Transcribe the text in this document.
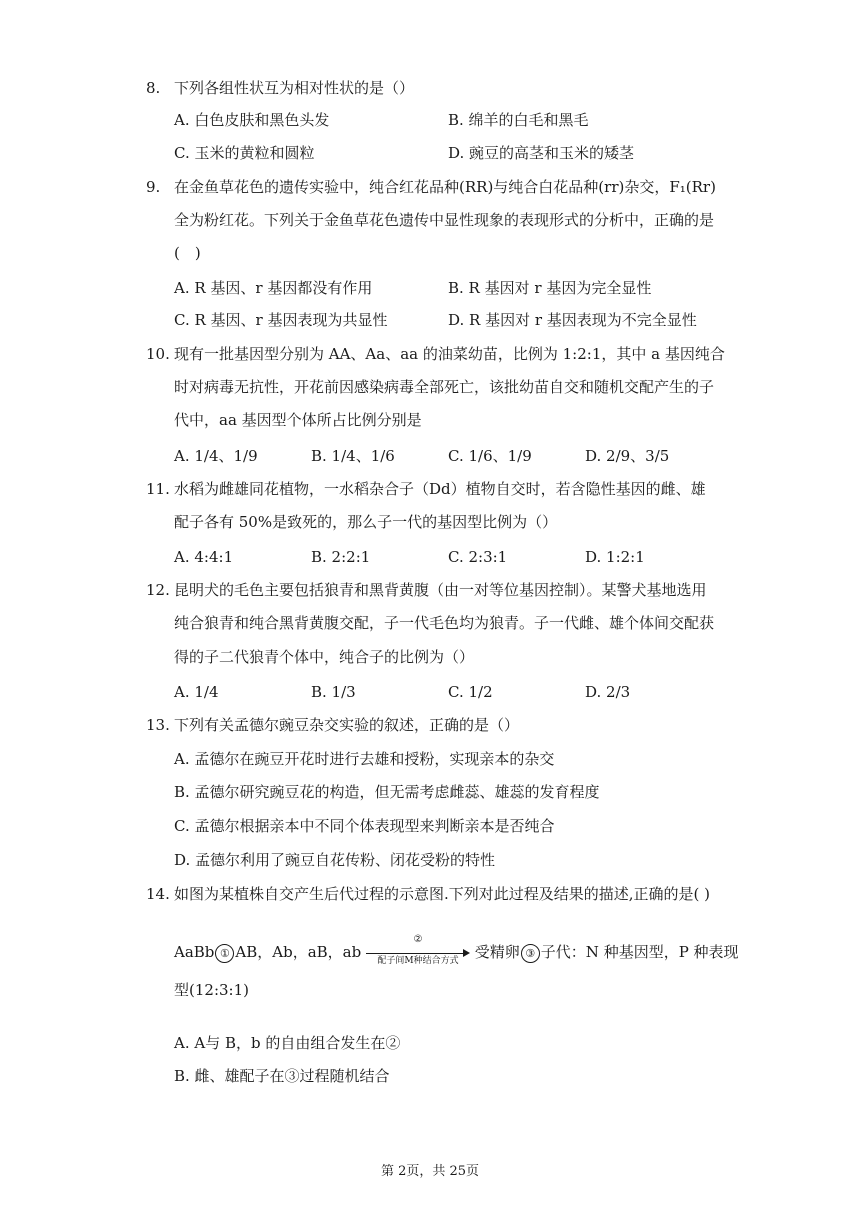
8. 下列各组性状互为相对性状的是（）
A. 白色皮肤和黑色头发	B. 绵羊的白毛和黑毛
C. 玉米的黄粒和圆粒	D. 豌豆的高茎和玉米的矮茎
9. 在金鱼草花色的遗传实验中，纯合红花品种(RR)与纯合白花品种(rr)杂交，F₁(Rr)
全为粉红花。下列关于金鱼草花色遗传中显性现象的表现形式的分析中，正确的是
(　)
A. R 基因、r 基因都没有作用	B. R 基因对 r 基因为完全显性
C. R 基因、r 基因表现为共显性	D. R 基因对 r 基因表现为不完全显性
10. 现有一批基因型分别为 AA、Aa、aa 的油菜幼苗，比例为 1:2:1，其中 a 基因纯合
时对病毒无抗性，开花前因感染病毒全部死亡，该批幼苗自交和随机交配产生的子
代中，aa 基因型个体所占比例分别是
A. 1/4、1/9	B. 1/4、1/6	C. 1/6、1/9	D. 2/9、3/5
11. 水稻为雌雄同花植物，一水稻杂合子（Dd）植物自交时，若含隐性基因的雌、雄
配子各有 50%是致死的，那么子一代的基因型比例为（）
A. 4:4:1	B. 2:2:1	C. 2:3:1	D. 1:2:1
12. 昆明犬的毛色主要包括狼青和黑背黄腹（由一对等位基因控制）。某警犬基地选用
纯合狼青和纯合黑背黄腹交配，子一代毛色均为狼青。子一代雌、雄个体间交配获
得的子二代狼青个体中，纯合子的比例为（）
A. 1/4	B. 1/3	C. 1/2	D. 2/3
13. 下列有关孟德尔豌豆杂交实验的叙述，正确的是（）
A. 孟德尔在豌豆开花时进行去雄和授粉，实现亲本的杂交
B. 孟德尔研究豌豆花的构造，但无需考虑雌蕊、雄蕊的发育程度
C. 孟德尔根据亲本中不同个体表现型来判断亲本是否纯合
D. 孟德尔利用了豌豆自花传粉、闭花受粉的特性
14. 如图为某植株自交产生后代过程的示意图.下列对此过程及结果的描述,正确的是( )
AaBb ① AB，Ab，aB，ab
②
配子间M种结合方式	受精卵 ③ 子代：N 种基因型，P 种表现
型(12:3:1)
A. A与 B，b 的自由组合发生在②
B. 雌、雄配子在③过程随机结合
第 2页，共 25页
